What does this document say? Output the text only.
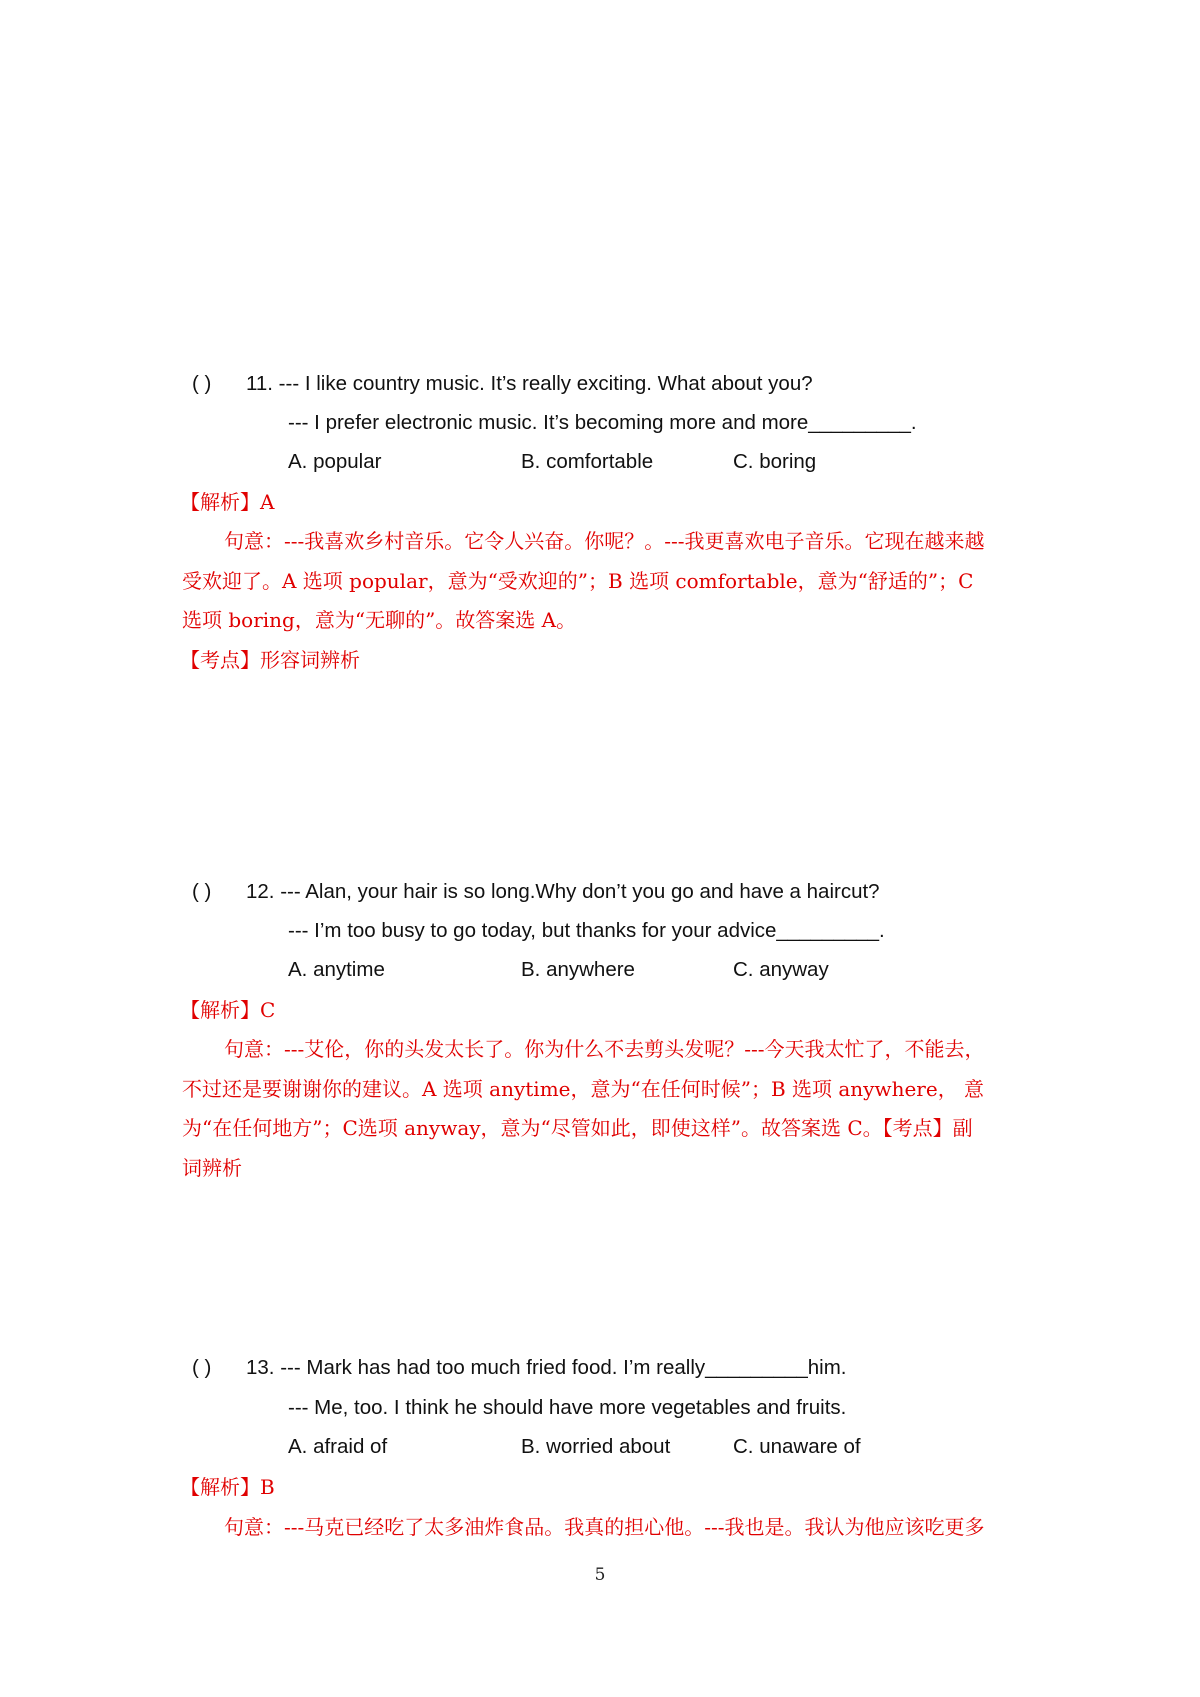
( ) 11. --- I like country music. It’s really exciting. What about you?
--- I prefer electronic music. It’s becoming more and more_________.
A. popular	B. comfortable	C. boring
【解析】A
句意：---我喜欢乡村音乐。它令人兴奋。你呢？。---我更喜欢电子音乐。它现在越来越
受欢迎了。A 选项 popular，意为“受欢迎的”；B 选项 comfortable，意为“舒适的”；C
选项 boring，意为“无聊的”。故答案选 A。
【考点】形容词辨析
( ) 12. --- Alan, your hair is so long.Why don’t you go and have a haircut?
--- I’m too busy to go today, but thanks for your advice_________.
A. anytime	B. anywhere	C. anyway
【解析】C
句意：---艾伦，你的头发太长了。你为什么不去剪头发呢？---今天我太忙了，不能去，
不过还是要谢谢你的建议。A 选项 anytime，意为“在任何时候”；B 选项 anywhere， 意
为“在任何地方”；C选项 anyway，意为“尽管如此，即使这样”。故答案选 C。【考点】副
词辨析
( ) 13. --- Mark has had too much fried food. I’m really_________him.
--- Me, too. I think he should have more vegetables and fruits.
A. afraid of	B. worried about	C. unaware of
【解析】B
句意：---马克已经吃了太多油炸食品。我真的担心他。---我也是。我认为他应该吃更多
5
